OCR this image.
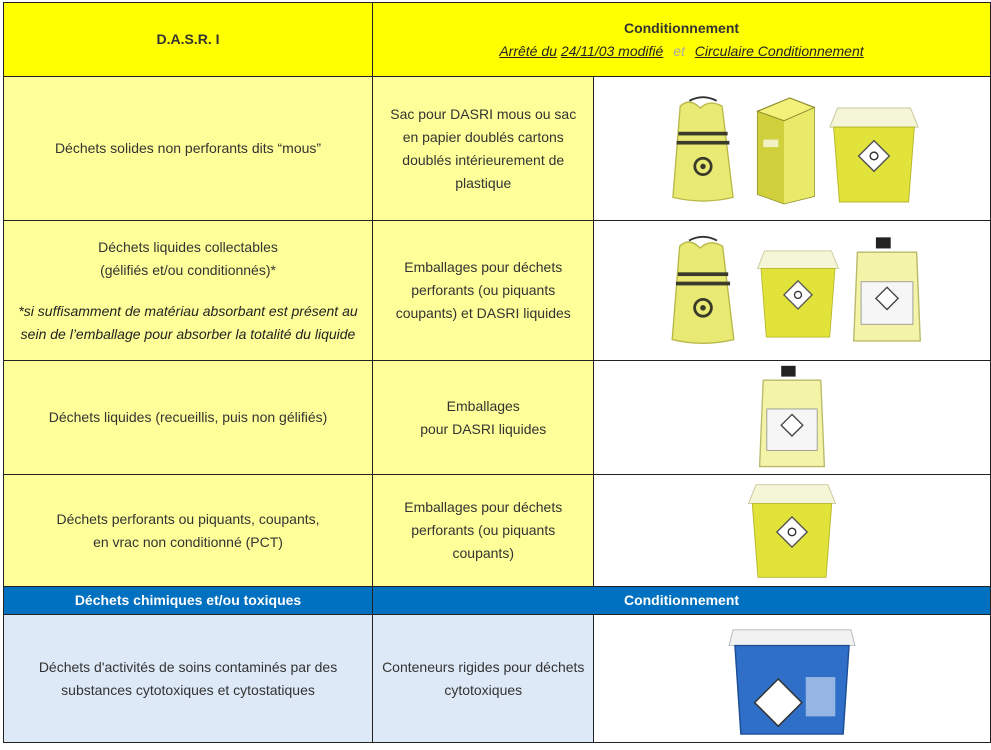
D.A.S.R. I	Conditionnement
Arrêté du 24/11/03 modifié et Circulaire Conditionnement	

Déchets solides non perforants dits “mous”	Sac pour DASRI mous ou sac en papier doublés cartons doublés intérieurement de plastique	

Déchets liquides collectables
(gélifiés et/ou conditionnés)*
*si suffisamment de matériau absorbant est présent au sein de l’emballage pour absorber la totalité du liquide	Emballages pour déchets perforants (ou piquants coupants) et DASRI liquides	

Déchets liquides (recueillis, puis non gélifiés)	Emballages
pour DASRI liquides

Déchets perforants ou piquants, coupants,
en vrac non conditionné (PCT)	Emballages pour déchets perforants (ou piquants coupants)	

Déchets chimiques et/ou toxiques	Conditionnement	
Déchets d'activités de soins contaminés par des substances cytotoxiques et cytostatiques	Conteneurs rigides pour déchets cytotoxiques	
